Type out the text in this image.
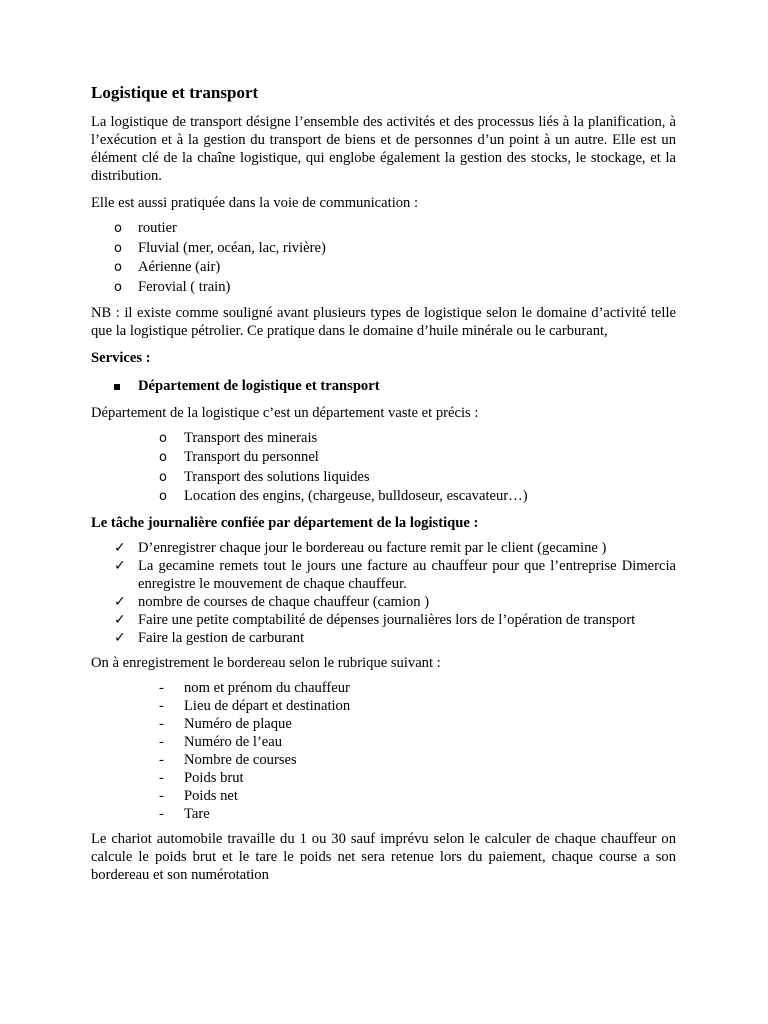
Logistique et transport

La logistique de transport désigne l’ensemble des activités et des processus liés à la planification, à l’exécution et à la gestion du transport de biens et de personnes d’un point à un autre. Elle est un élément clé de la chaîne logistique, qui englobe également la gestion des stocks, le stockage, et la distribution.

Elle est aussi pratiquée dans la voie de communication :

o routier
o Fluvial (mer, océan, lac, rivière)
o Aérienne (air)
o Ferovial ( train)

NB : il existe comme souligné avant plusieurs types de logistique selon le domaine d’activité telle que la logistique pétrolier. Ce pratique dans le domaine d’huile minérale ou le carburant,

Services :

Département de logistique et transport

Département de la logistique c’est un département vaste et précis :

o Transport des minerais
o Transport du personnel
o Transport des solutions liquides
o Location des engins, (chargeuse, bulldoseur, escavateur…)

Le tâche journalière confiée par département de la logistique :

✓ D’enregistrer chaque jour le bordereau ou facture remit par le client (gecamine )
✓ La gecamine remets tout le jours une facture au chauffeur pour que l’entreprise Dimercia enregistre le mouvement de chaque chauffeur.
✓ nombre de courses de chaque chauffeur (camion )
✓ Faire une petite comptabilité de dépenses journalières lors de l’opération de transport
✓ Faire la gestion de carburant

On à enregistrement le bordereau selon le rubrique suivant :

- nom et prénom du chauffeur
- Lieu de départ et destination
- Numéro de plaque
- Numéro de l’eau
- Nombre de courses
- Poids brut
- Poids net
- Tare

Le chariot automobile travaille du 1 ou 30 sauf imprévu selon le calculer de chaque chauffeur on calcule le poids brut et le tare le poids net sera retenue lors du paiement, chaque course a son bordereau et son numérotation
